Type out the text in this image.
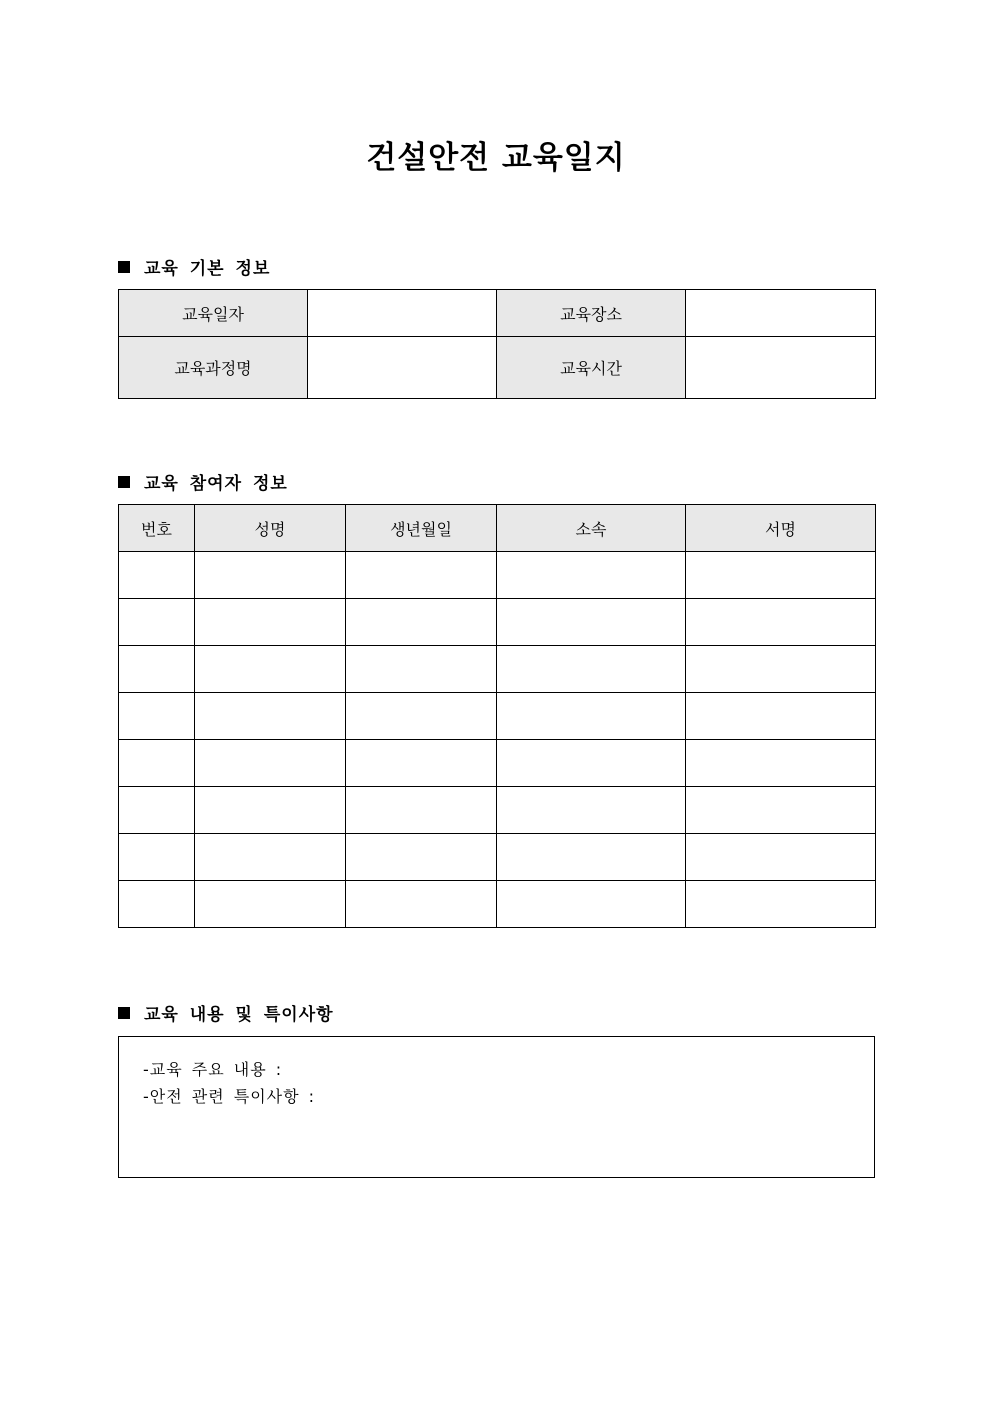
건설안전 교육일지
교육 기본 정보
교육일자		교육장소	
교육과정명		교육시간	
교육 참여자 정보
번호	성명	생년월일	소속	서명

교육 내용 및 특이사항
-교육 주요 내용 :
-안전 관련 특이사항 :
